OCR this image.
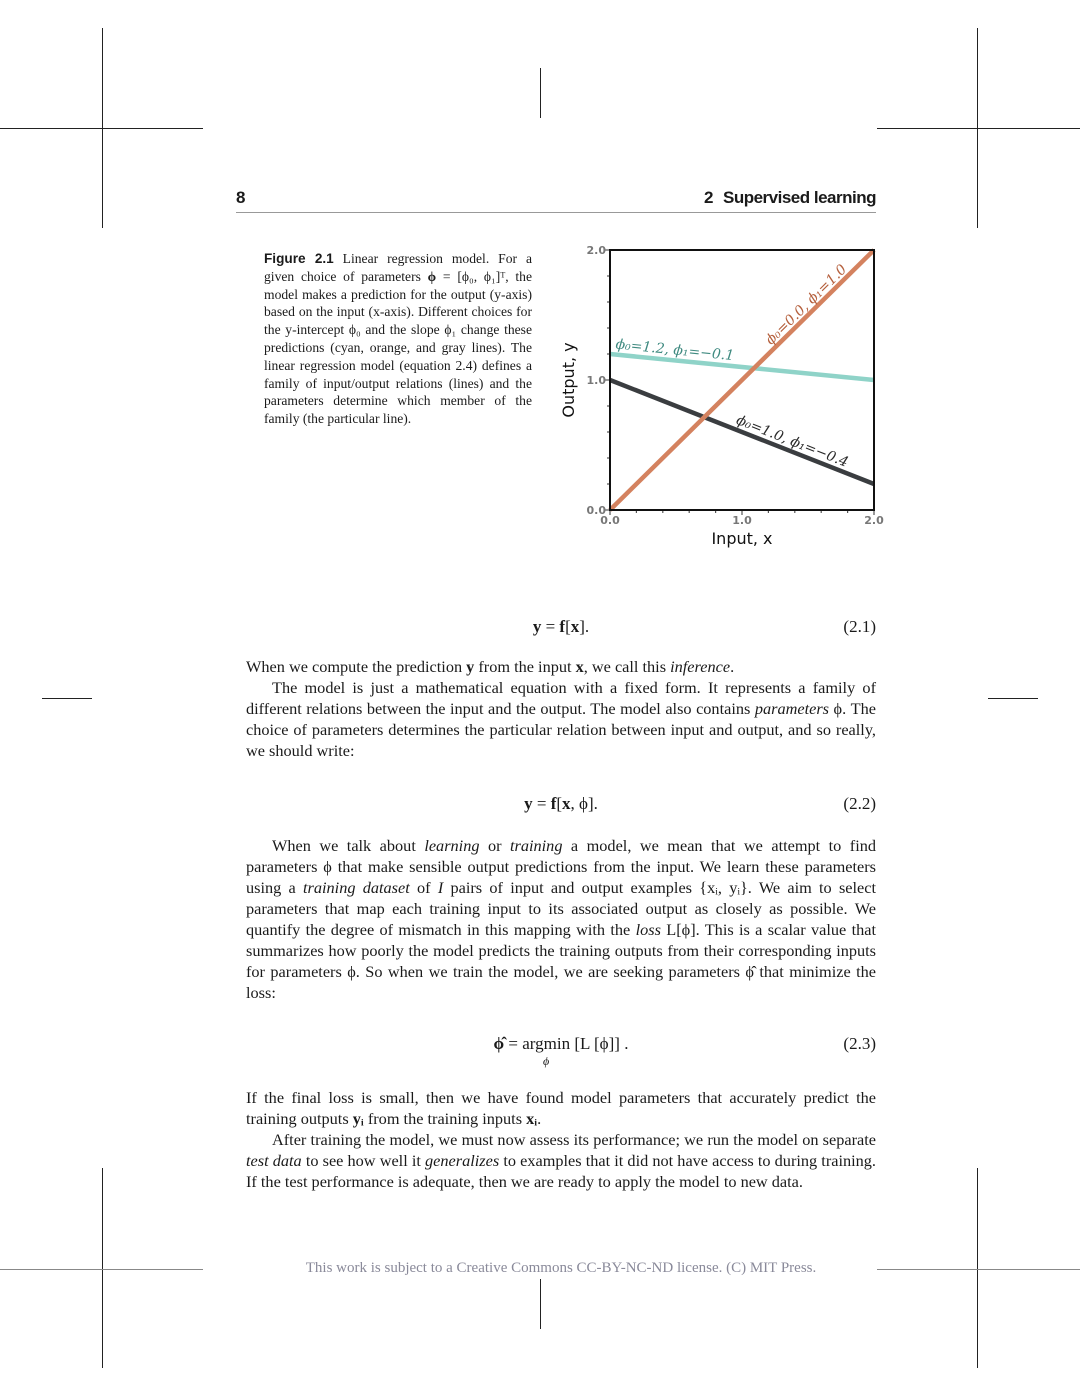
8	2 Supervised learning
Figure 2.1 Linear regression model. For a given choice of parameters ϕ = [ϕ₀, ϕ₁]ᵀ, the model makes a prediction for the output (y-axis) based on the input (x-axis). Different choices for the y-intercept ϕ₀ and the slope ϕ₁ change these predictions (cyan, orange, and gray lines). The linear regression model (equation 2.4) defines a family of input/output relations (lines) and the parameters determine which member of the family (the particular line).
0.0	1.0	2.0
0.0
1.0
2.0
ϕ₀=1.2, ϕ₁=−0.1
ϕ₀=0.0, ϕ₁=1.0
ϕ₀=1.0, ϕ₁=−0.4
Input, x
Output, y
y = f[x].	(2.1)

When we compute the prediction y from the input x, we call this inference.

The model is just a mathematical equation with a fixed form. It represents a family of different relations between the input and the output. The model also contains parameters ϕ. The choice of parameters determines the particular relation between input and output, and so really, we should write:

y = f[x, ϕ].	(2.2)

When we talk about learning or training a model, we mean that we attempt to find parameters ϕ that make sensible output predictions from the input. We learn these parameters using a training dataset of I pairs of input and output examples {xᵢ, yᵢ}. We aim to select parameters that map each training input to its associated output as closely as possible. We quantify the degree of mismatch in this mapping with the loss L[ϕ]. This is a scalar value that summarizes how poorly the model predicts the training outputs from their corresponding inputs for parameters ϕ. So when we train the model, we are seeking parameters ϕ̂ that minimize the loss:

ϕ̂ = argmin
ϕ
[L [ϕ]] .	(2.3)

If the final loss is small, then we have found model parameters that accurately predict the training outputs yᵢ from the training inputs xᵢ.

After training the model, we must now assess its performance; we run the model on separate test data to see how well it generalizes to examples that it did not have access to during training. If the test performance is adequate, then we are ready to apply the model to new data.

This work is subject to a Creative Commons CC-BY-NC-ND license. (C) MIT Press.
